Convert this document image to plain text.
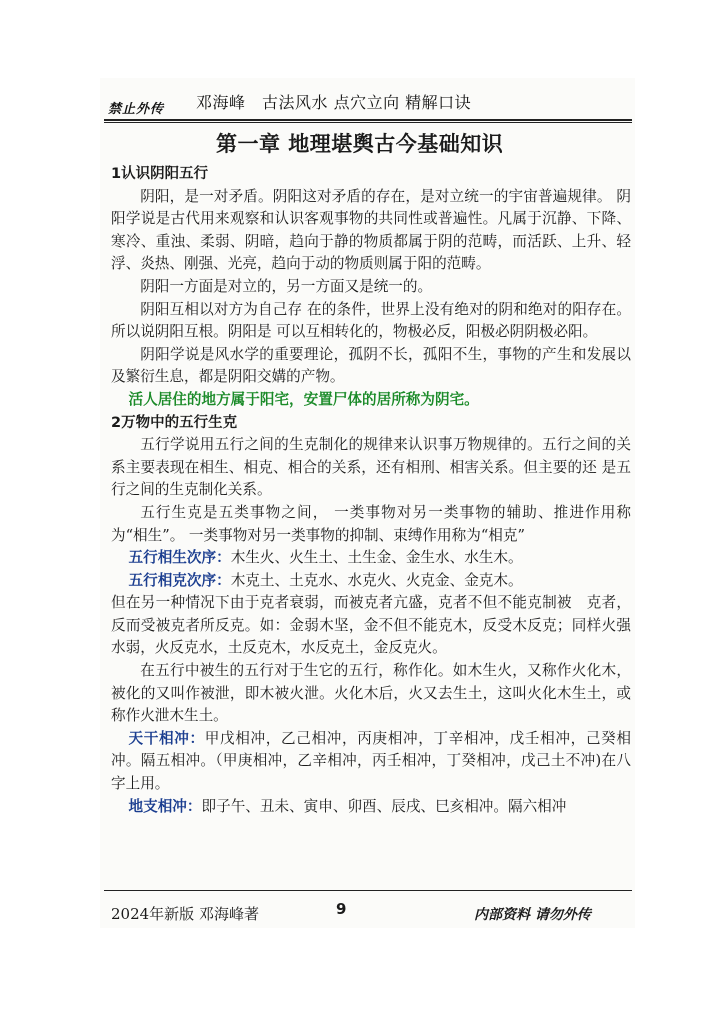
禁止外传 邓海峰　古法风水 点穴立向 精解口诀
第一章 地理堪舆古今基础知识

1认识阴阳五行

阴阳，是一对矛盾。阴阳这对矛盾的存在，是对立统一的宇宙普遍规律。 阴阳学说是古代用来观察和认识客观事物的共同性或普遍性。凡属于沉静、下降、寒冷、重浊、柔弱、阴暗，趋向于静的物质都属于阴的范畴，而活跃、上升、轻浮、炎热、刚强、光亮，趋向于动的物质则属于阳的范畴。

阴阳一方面是对立的，另一方面又是统一的。

阴阳互相以对方为自己存 在的条件，世界上没有绝对的阴和绝对的阳存在。所以说阴阳互根。阴阳是 可以互相转化的，物极必反，阳极必阴阴极必阳。

阴阳学说是风水学的重要理论，孤阴不长，孤阳不生，事物的产生和发展以及繁衍生息，都是阴阳交媾的产物。

活人居住的地方属于阳宅，安置尸体的居所称为阴宅。

2万物中的五行生克

五行学说用五行之间的生克制化的规律来认识事万物规律的。五行之间的关 系主要表现在相生、相克、相合的关系，还有相刑、相害关系。但主要的还 是五行之间的生克制化关系。

五行生克是五类事物之间， 一类事物对另一类事物的辅助、推进作用称为“相生”。 一类事物对另一类事物的抑制、束缚作用称为“相克”

五行相生次序：木生火、火生土、土生金、金生水、水生木。

五行相克次序：木克土、土克水、水克火、火克金、金克木。

但在另一种情况下由于克者衰弱，而被克者亢盛，克者不但不能克制被　克者，反而受被克者所反克。如：金弱木坚，金不但不能克木，反受木反克；同样火强水弱，火反克水，土反克木，水反克土，金反克火。

在五行中被生的五行对于生它的五行，称作化。如木生火，又称作火化木，被化的又叫作被泄，即木被火泄。火化木后，火又去生土，这叫火化木生土，或称作火泄木生土。

天干相冲：甲戊相冲，乙己相冲，丙庚相冲，丁辛相冲，戊壬相冲，己癸相冲。隔五相冲。（甲庚相冲，乙辛相冲，丙壬相冲，丁癸相冲，戊己土不冲)在八字上用。

地支相冲：即子午、丑未、寅申、卯酉、辰戌、巳亥相冲。隔六相冲

2024年新版 邓海峰著	9	内部资料 请勿外传
